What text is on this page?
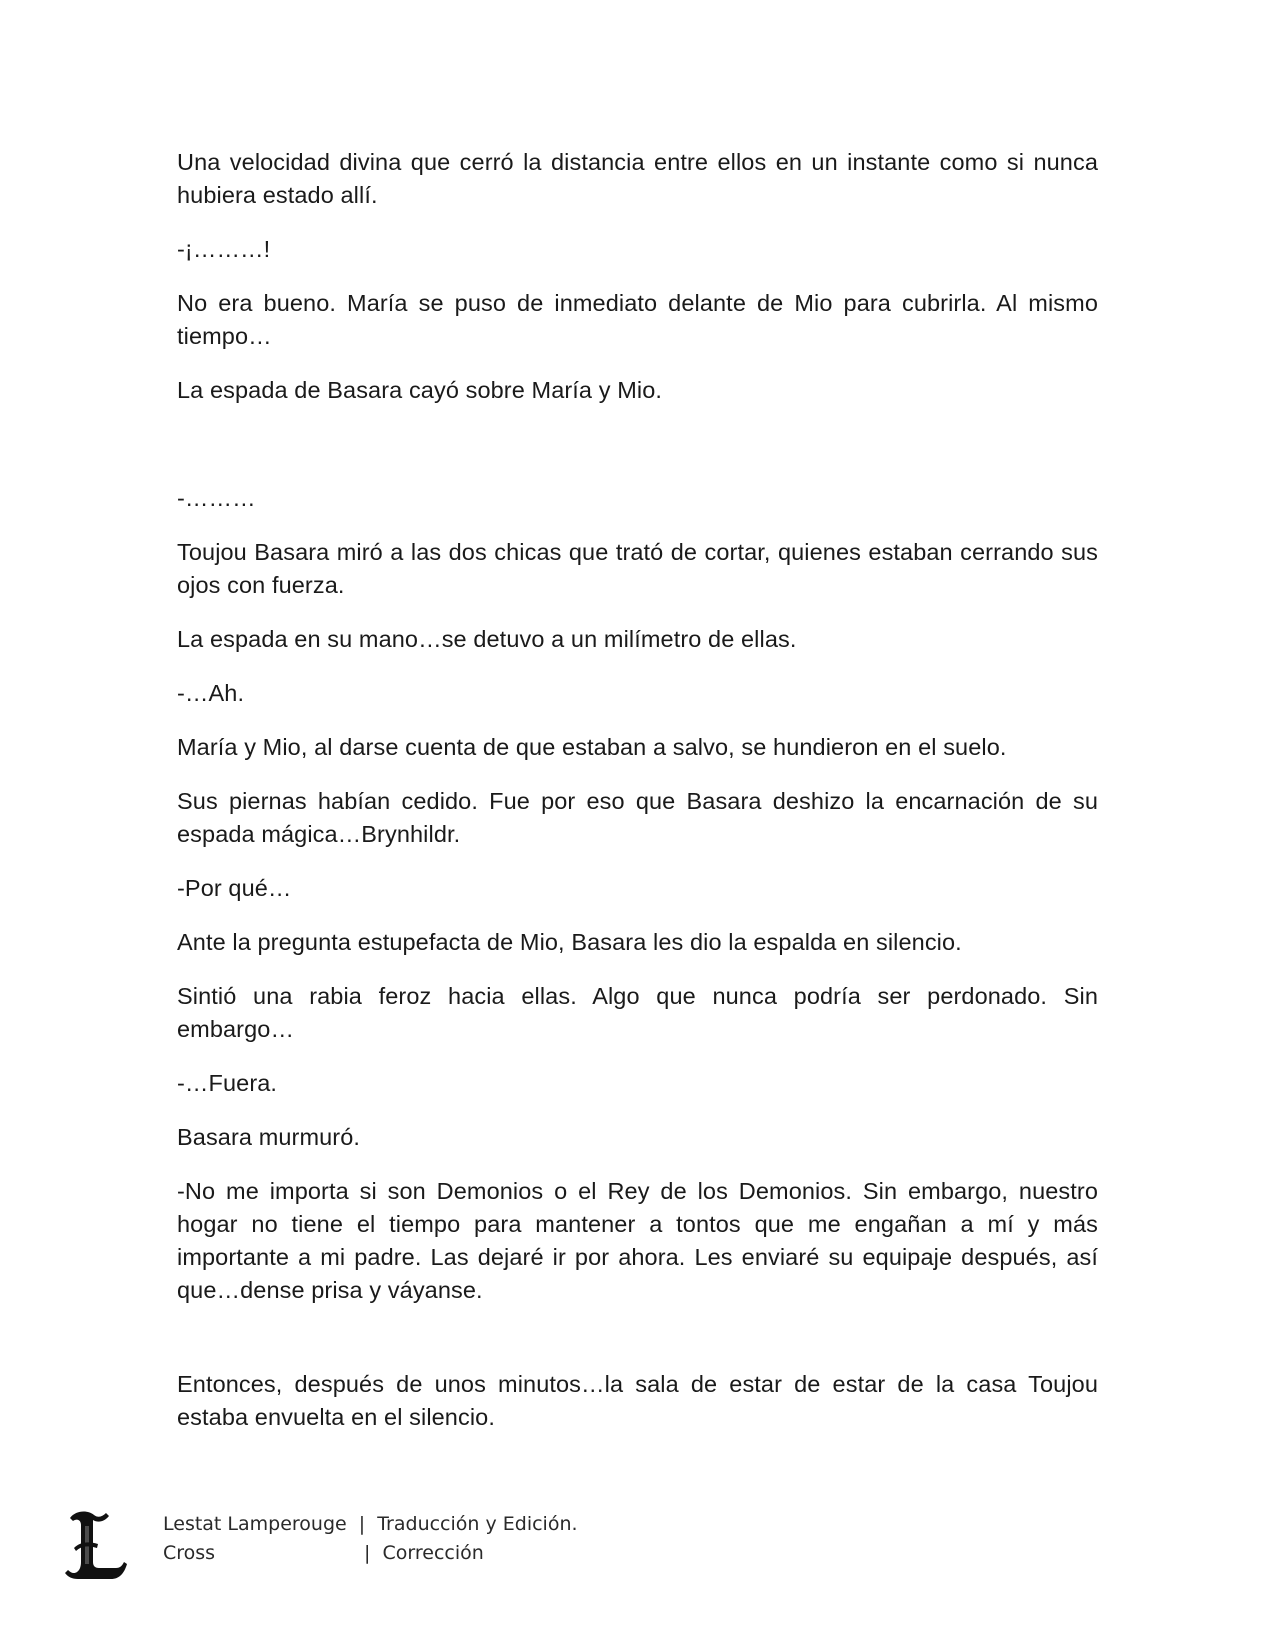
Una velocidad divina que cerró la distancia entre ellos en un instante como si nunca hubiera estado allí.

-¡………!

No era bueno. María se puso de inmediato delante de Mio para cubrirla. Al mismo tiempo…

La espada de Basara cayó sobre María y Mio.

-………

Toujou Basara miró a las dos chicas que trató de cortar, quienes estaban cerrando sus ojos con fuerza.

La espada en su mano…se detuvo a un milímetro de ellas.

-…Ah.

María y Mio, al darse cuenta de que estaban a salvo, se hundieron en el suelo.

Sus piernas habían cedido. Fue por eso que Basara deshizo la encarnación de su espada mágica…Brynhildr.

-Por qué…

Ante la pregunta estupefacta de Mio, Basara les dio la espalda en silencio.

Sintió una rabia feroz hacia ellas. Algo que nunca podría ser perdonado. Sin embargo…

-…Fuera.

Basara murmuró.

-No me importa si son Demonios o el Rey de los Demonios. Sin embargo, nuestro hogar no tiene el tiempo para mantener a tontos que me engañan a mí y más importante a mi padre. Las dejaré ir por ahora. Les enviaré su equipaje después, así que…dense prisa y váyanse.

Entonces, después de unos minutos…la sala de estar de estar de la casa Toujou estaba envuelta en el silencio.

Lestat Lamperouge | Traducción y Edición.
Cross	| Corrección
